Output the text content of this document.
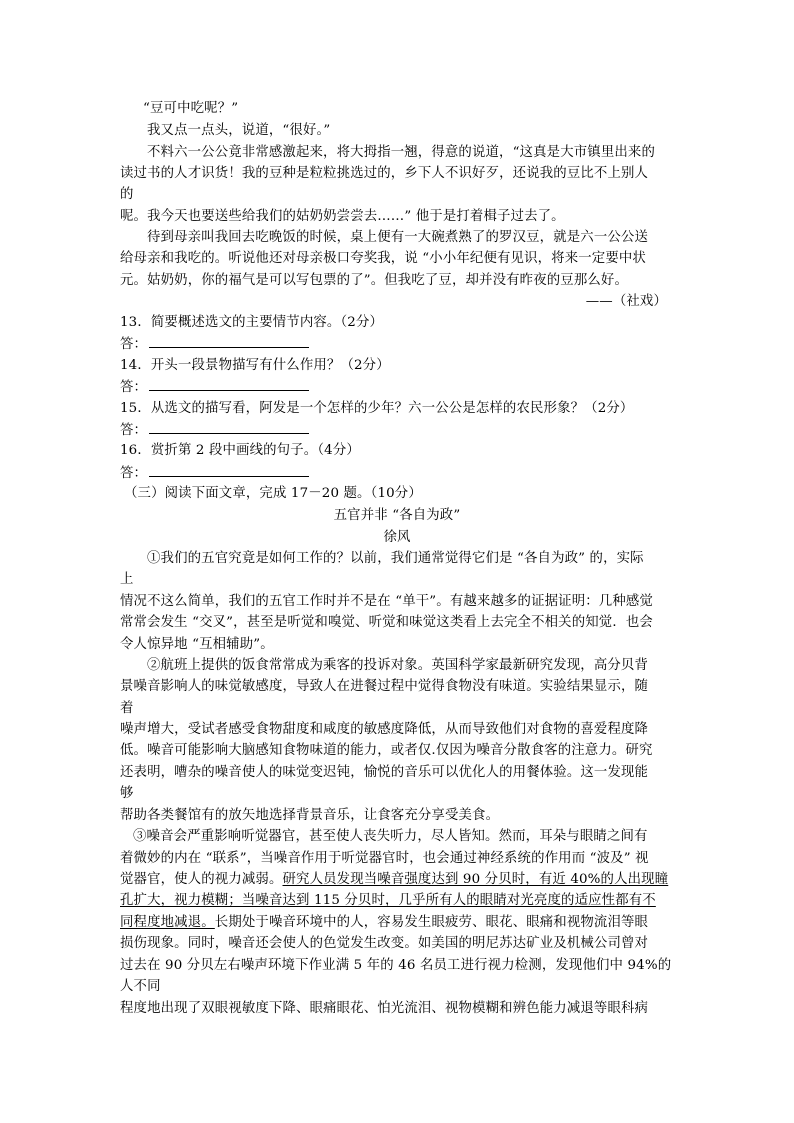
“豆可中吃呢？”
我又点一点头，说道，“很好。”
不料六一公公竟非常感激起来，将大拇指一翘，得意的说道，“这真是大市镇里出来的
读过书的人才识货！我的豆种是粒粒挑选过的，乡下人不识好歹，还说我的豆比不上别人
的
呢。我今天也要送些给我们的姑奶奶尝尝去……” 他于是打着楫子过去了。
待到母亲叫我回去吃晚饭的时候，桌上便有一大碗煮熟了的罗汉豆，就是六一公公送
给母亲和我吃的。听说他还对母亲极口夸奖我，说 “小小年纪便有见识，将来一定要中状
元。姑奶奶，你的福气是可以写包票的了”。但我吃了豆，却并没有昨夜的豆那么好。
——（社戏）
13．简要概述选文的主要情节内容。（2分）
答：
14．开头一段景物描写有什么作用？（2分）
答：
15．从选文的描写看，阿发是一个怎样的少年？六一公公是怎样的农民形象？（2分）
答：
16．赏折第 2 段中画线的句子。（4分）
答：
（三）阅读下面文章，完成 17－20 题。（10分）
五官并非 “各自为政”
徐风
①我们的五官究竟是如何工作的？以前，我们通常觉得它们是 “各自为政” 的，实际
上
情况不这么简单，我们的五官工作时并不是在 “单干”。有越来越多的证据证明：几种感觉
常常会发生 “交叉”，甚至是听觉和嗅觉、听觉和味觉这类看上去完全不相关的知觉．也会
令人惊异地 “互相辅助”。
②航班上提供的饭食常常成为乘客的投诉对象。英国科学家最新研究发现，高分贝背
景噪音影响人的味觉敏感度，导致人在进餐过程中觉得食物没有味道。实验结果显示，随
着
噪声增大，受试者感受食物甜度和咸度的敏感度降低，从而导致他们对食物的喜爱程度降
低。噪音可能影响大脑感知食物味道的能力，或者仅.仅因为噪音分散食客的注意力。研究
还表明，嘈杂的噪音使人的味觉变迟钝，愉悦的音乐可以优化人的用餐体验。这一发现能
够
帮助各类餐馆有的放矢地选择背景音乐，让食客充分享受美食。
③噪音会严重影响听觉器官，甚至使人丧失听力，尽人皆知。然而，耳朵与眼睛之间有
着微妙的内在 “联系”，当噪音作用于听觉器官时，也会通过神经系统的作用而 “波及” 视
觉器官，使人的视力减弱。研究人员发现当噪音强度达到 90 分贝时，有近 40%的人出现瞳
孔扩大，视力模糊；当噪音达到 115 分贝时，几乎所有人的眼睛对光亮度的适应性都有不
同程度地减退。长期处于噪音环境中的人，容易发生眼疲劳、眼花、眼痛和视物流泪等眼
损伤现象。同时，噪音还会使人的色觉发生改变。如美国的明尼苏达矿业及机械公司曾对
过去在 90 分贝左右噪声环境下作业满 5 年的 46 名员工进行视力检测，发现他们中 94%的
人不同
程度地出现了双眼视敏度下降、眼痛眼花、怕光流泪、视物模糊和辨色能力减退等眼科病
